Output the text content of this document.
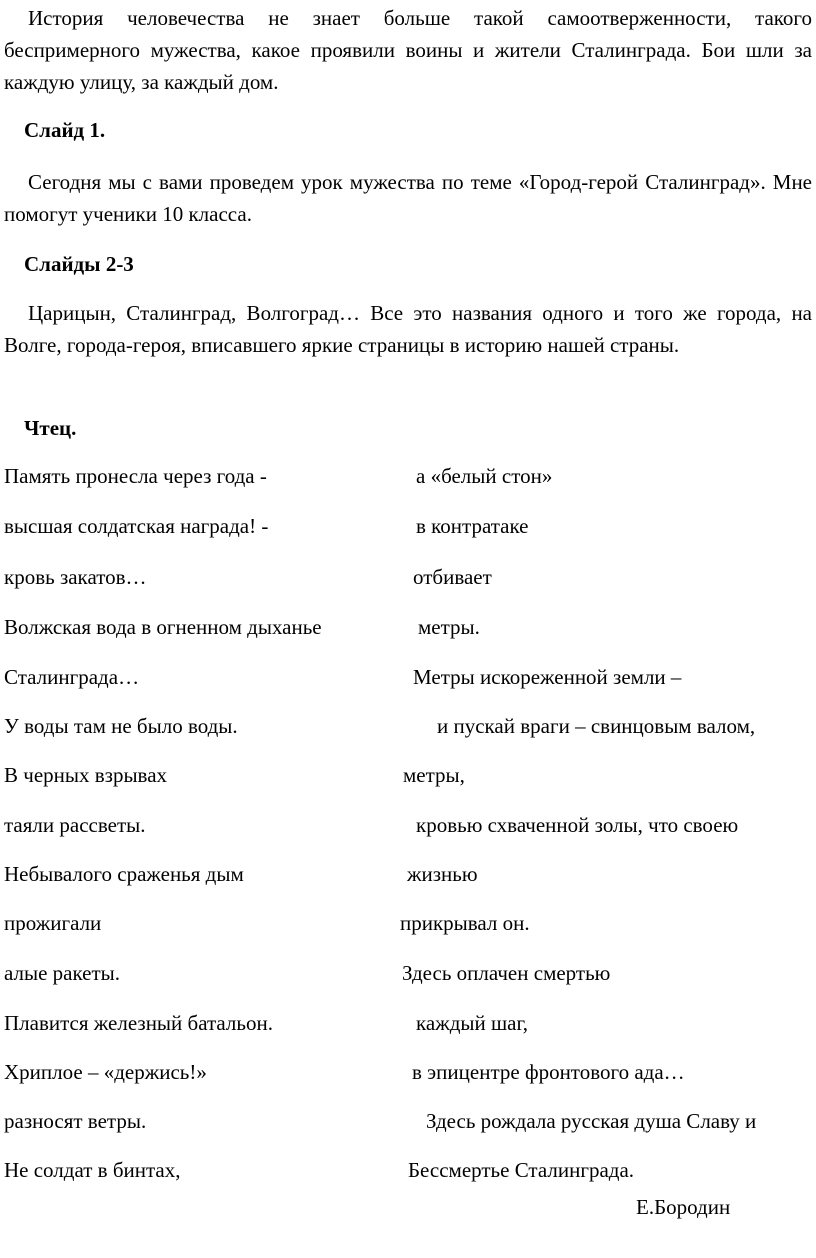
История человечества не знает больше такой самоотверженности, такого беспримерного мужества, какое проявили воины и жители Сталинграда. Бои шли за каждую улицу, за каждый дом.

Слайд 1.

Сегодня мы с вами проведем урок мужества по теме «Город-герой Сталинград». Мне помогут ученики 10 класса.

Слайды 2-3

Царицын, Сталинград, Волгоград… Все это названия одного и того же города, на Волге, города-героя, вписавшего яркие страницы в историю нашей страны.

Чтец.

Память пронесла через года -	а «белый стон»
высшая солдатская награда! -	в контратаке
кровь закатов…	отбивает
Волжская вода в огненном дыханье	метры.
Сталинграда…	Метры искореженной земли –
У воды там не было воды.	и пускай враги – свинцовым валом,
В черных взрывах	метры,
таяли рассветы.	кровью схваченной золы, что своею
Небывалого сраженья дым	жизнью
прожигали	прикрывал он.
алые ракеты.	Здесь оплачен смертью
Плавится железный батальон.	каждый шаг,
Хриплое – «держись!»	в эпицентре фронтового ада…
разносят ветры.	Здесь рождала русская душа Славу и
Не солдат в бинтах,	Бессмертье Сталинграда.
Е.Бородин
